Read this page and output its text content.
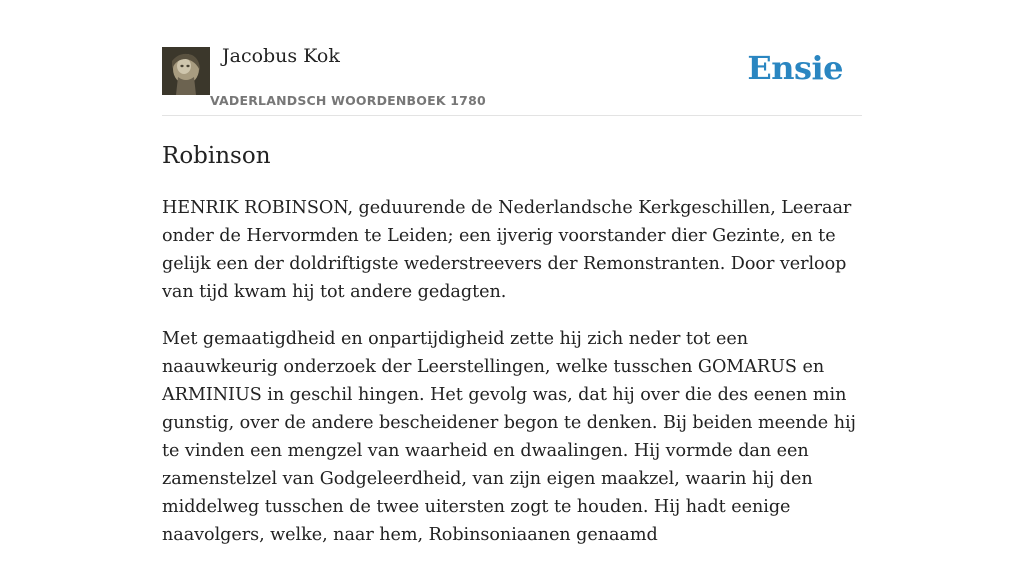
Jacobus Kok
VADERLANDSCH WOORDENBOEK 1780
Ensie
Robinson

HENRIK ROBINSON, geduurende de Nederlandsche Kerkgeschillen, Leeraar onder de Hervormden te Leiden; een ijverig voorstander dier Gezinte, en te gelijk een der doldriftigste wederstreevers der Remonstranten. Door verloop van tijd kwam hij tot andere gedagten.

Met gemaatigdheid en onpartijdigheid zette hij zich neder tot een naauwkeurig onderzoek der Leerstellingen, welke tusschen GOMARUS en ARMINIUS in geschil hingen. Het gevolg was, dat hij over die des eenen min gunstig, over de andere bescheidener begon te denken. Bij beiden meende hij te vinden een mengzel van waarheid en dwaalingen. Hij vormde dan een zamenstelzel van Godgeleerdheid, van zijn eigen maakzel, waarin hij den middelweg tusschen de twee uitersten zogt te houden. Hij hadt eenige naavolgers, welke, naar hem, Robinsoniaanen genaamd
